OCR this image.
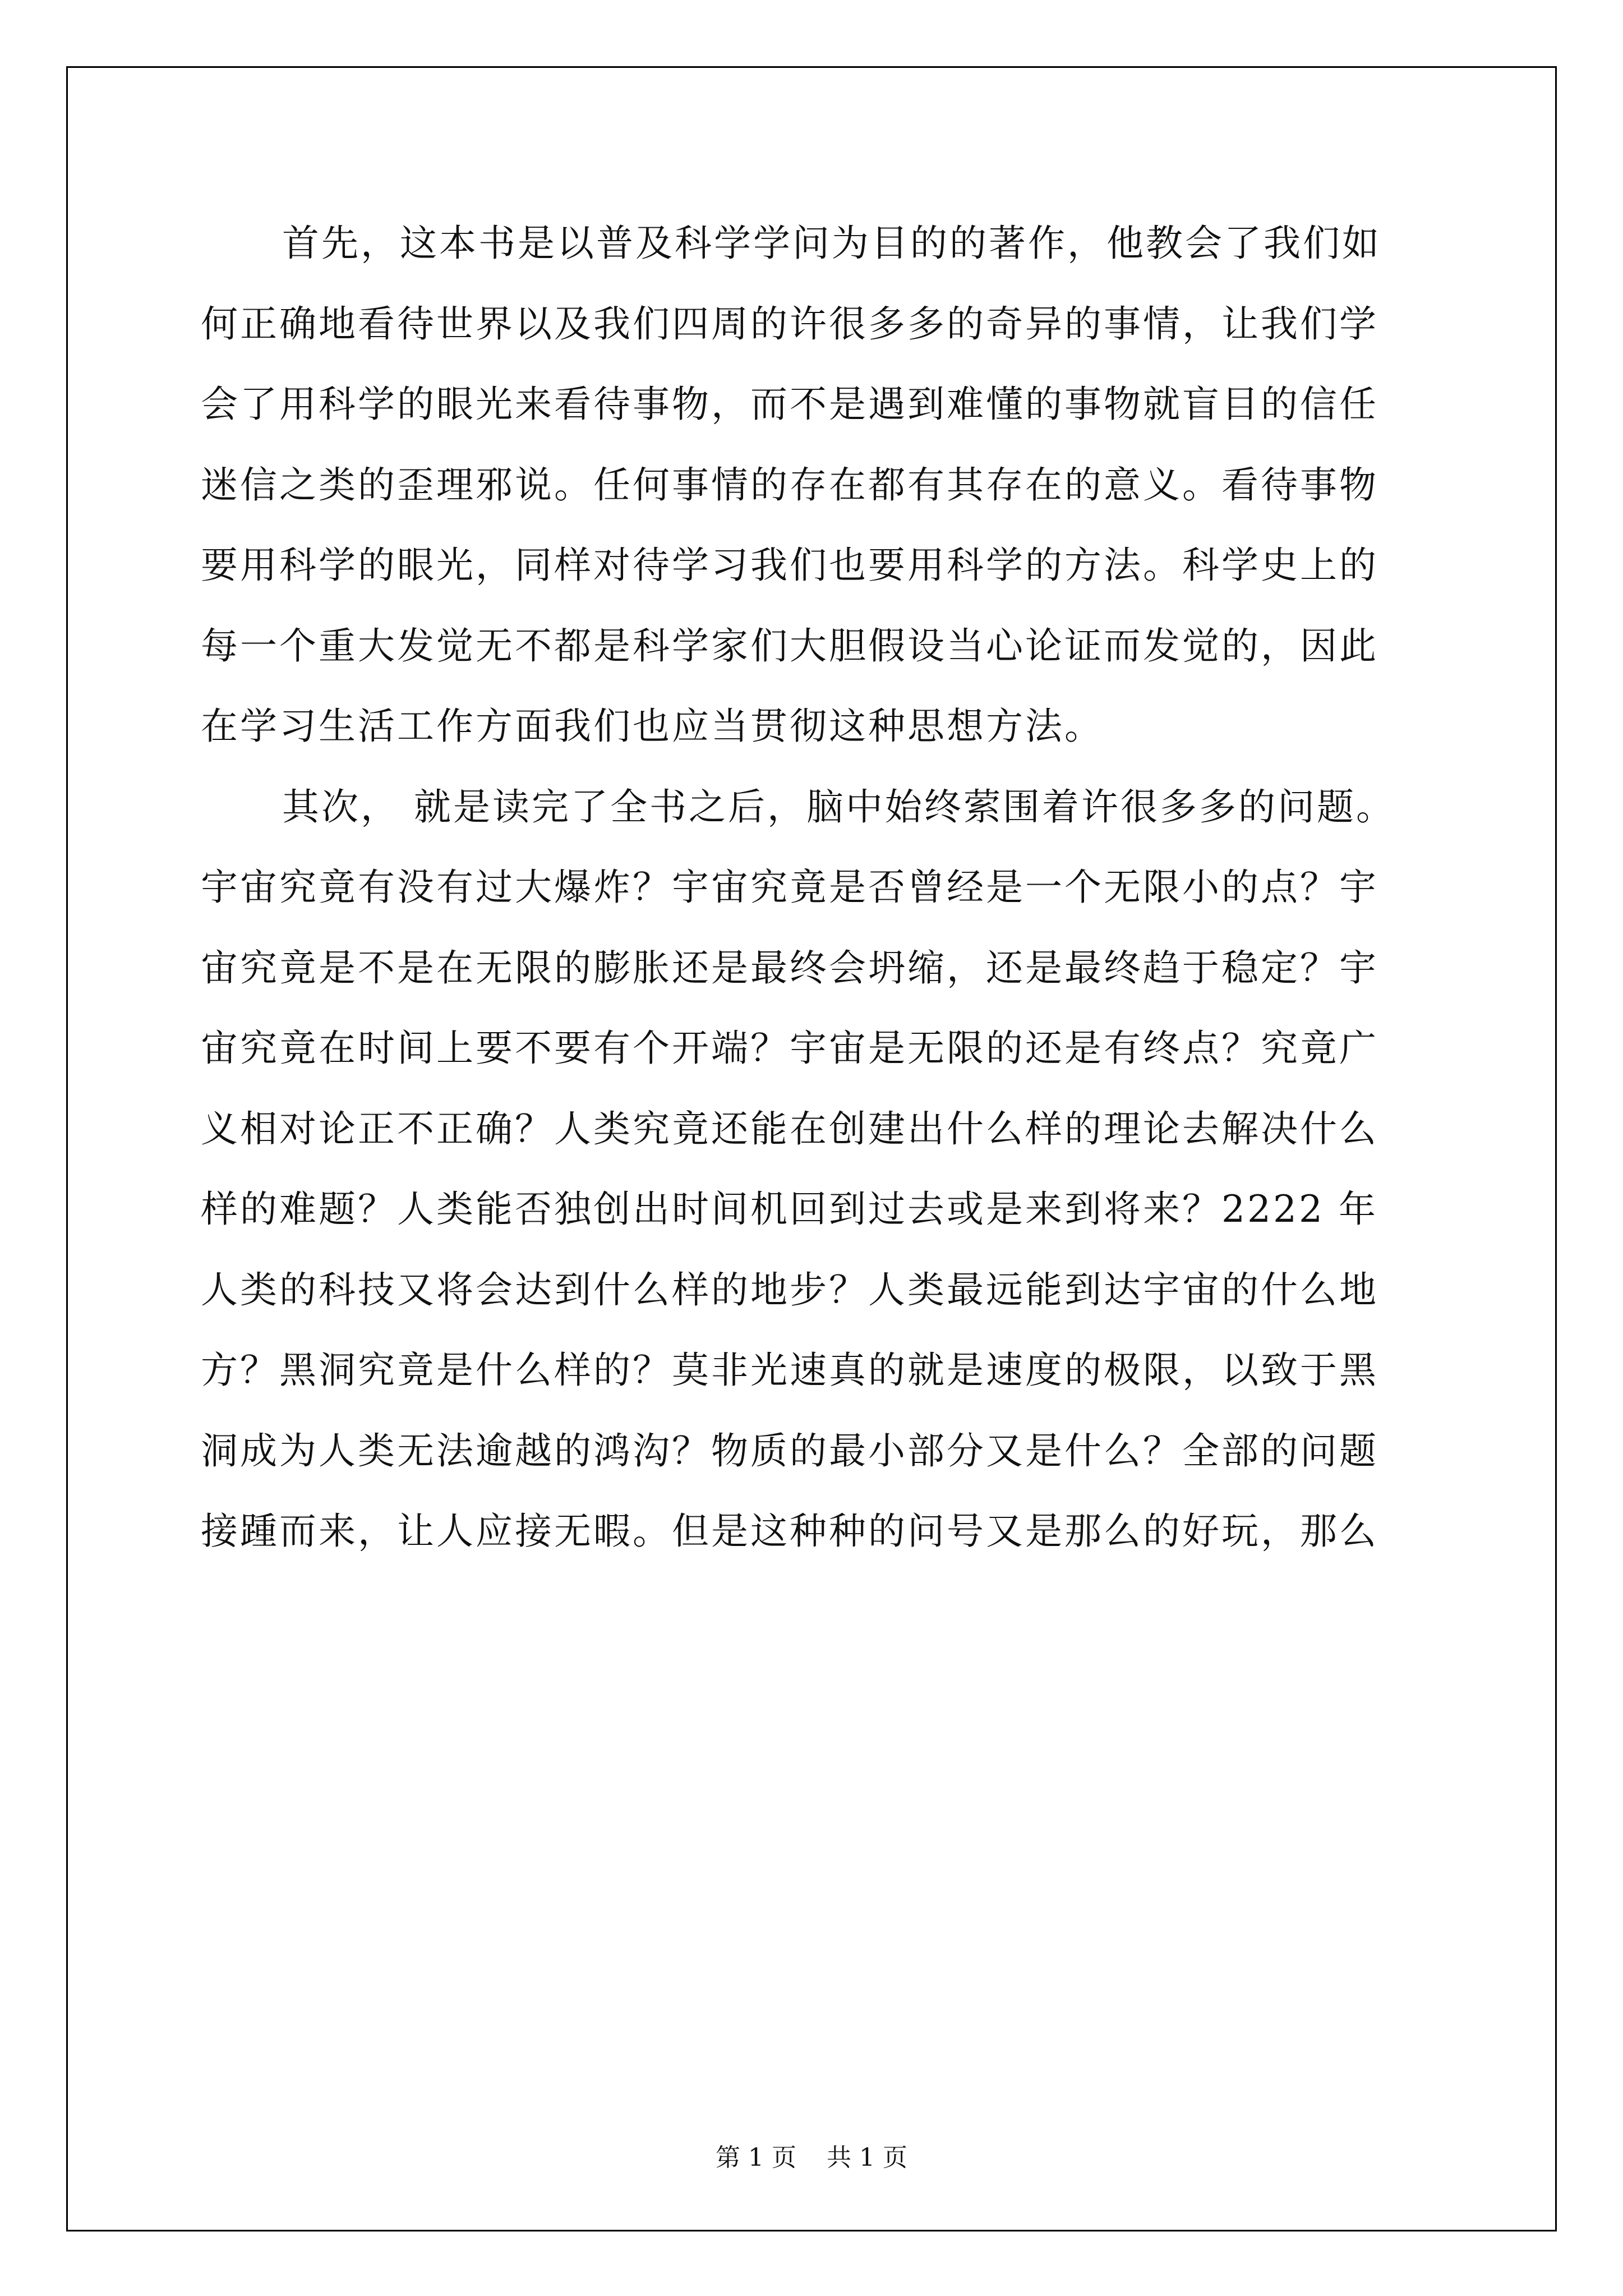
首先，这本书是以普及科学学问为目的的著作，他教会了我们如
何正确地看待世界以及我们四周的许很多多的奇异的事情，让我们学
会了用科学的眼光来看待事物，而不是遇到难懂的事物就盲目的信任
迷信之类的歪理邪说。任何事情的存在都有其存在的意义。看待事物
要用科学的眼光，同样对待学习我们也要用科学的方法。科学史上的
每一个重大发觉无不都是科学家们大胆假设当心论证而发觉的，因此
在学习生活工作方面我们也应当贯彻这种思想方法。
其次， 就是读完了全书之后，脑中始终萦围着许很多多的问题。
宇宙究竟有没有过大爆炸？宇宙究竟是否曾经是一个无限小的点？宇
宙究竟是不是在无限的膨胀还是最终会坍缩，还是最终趋于稳定？宇
宙究竟在时间上要不要有个开端？宇宙是无限的还是有终点？究竟广
义相对论正不正确？人类究竟还能在创建出什么样的理论去解决什么
样的难题？人类能否独创出时间机回到过去或是来到将来？2222 年
人类的科技又将会达到什么样的地步？人类最远能到达宇宙的什么地
方？黑洞究竟是什么样的？莫非光速真的就是速度的极限，以致于黑
洞成为人类无法逾越的鸿沟？物质的最小部分又是什么？全部的问题
接踵而来，让人应接无暇。但是这种种的问号又是那么的好玩，那么
第 1 页 共 1 页
